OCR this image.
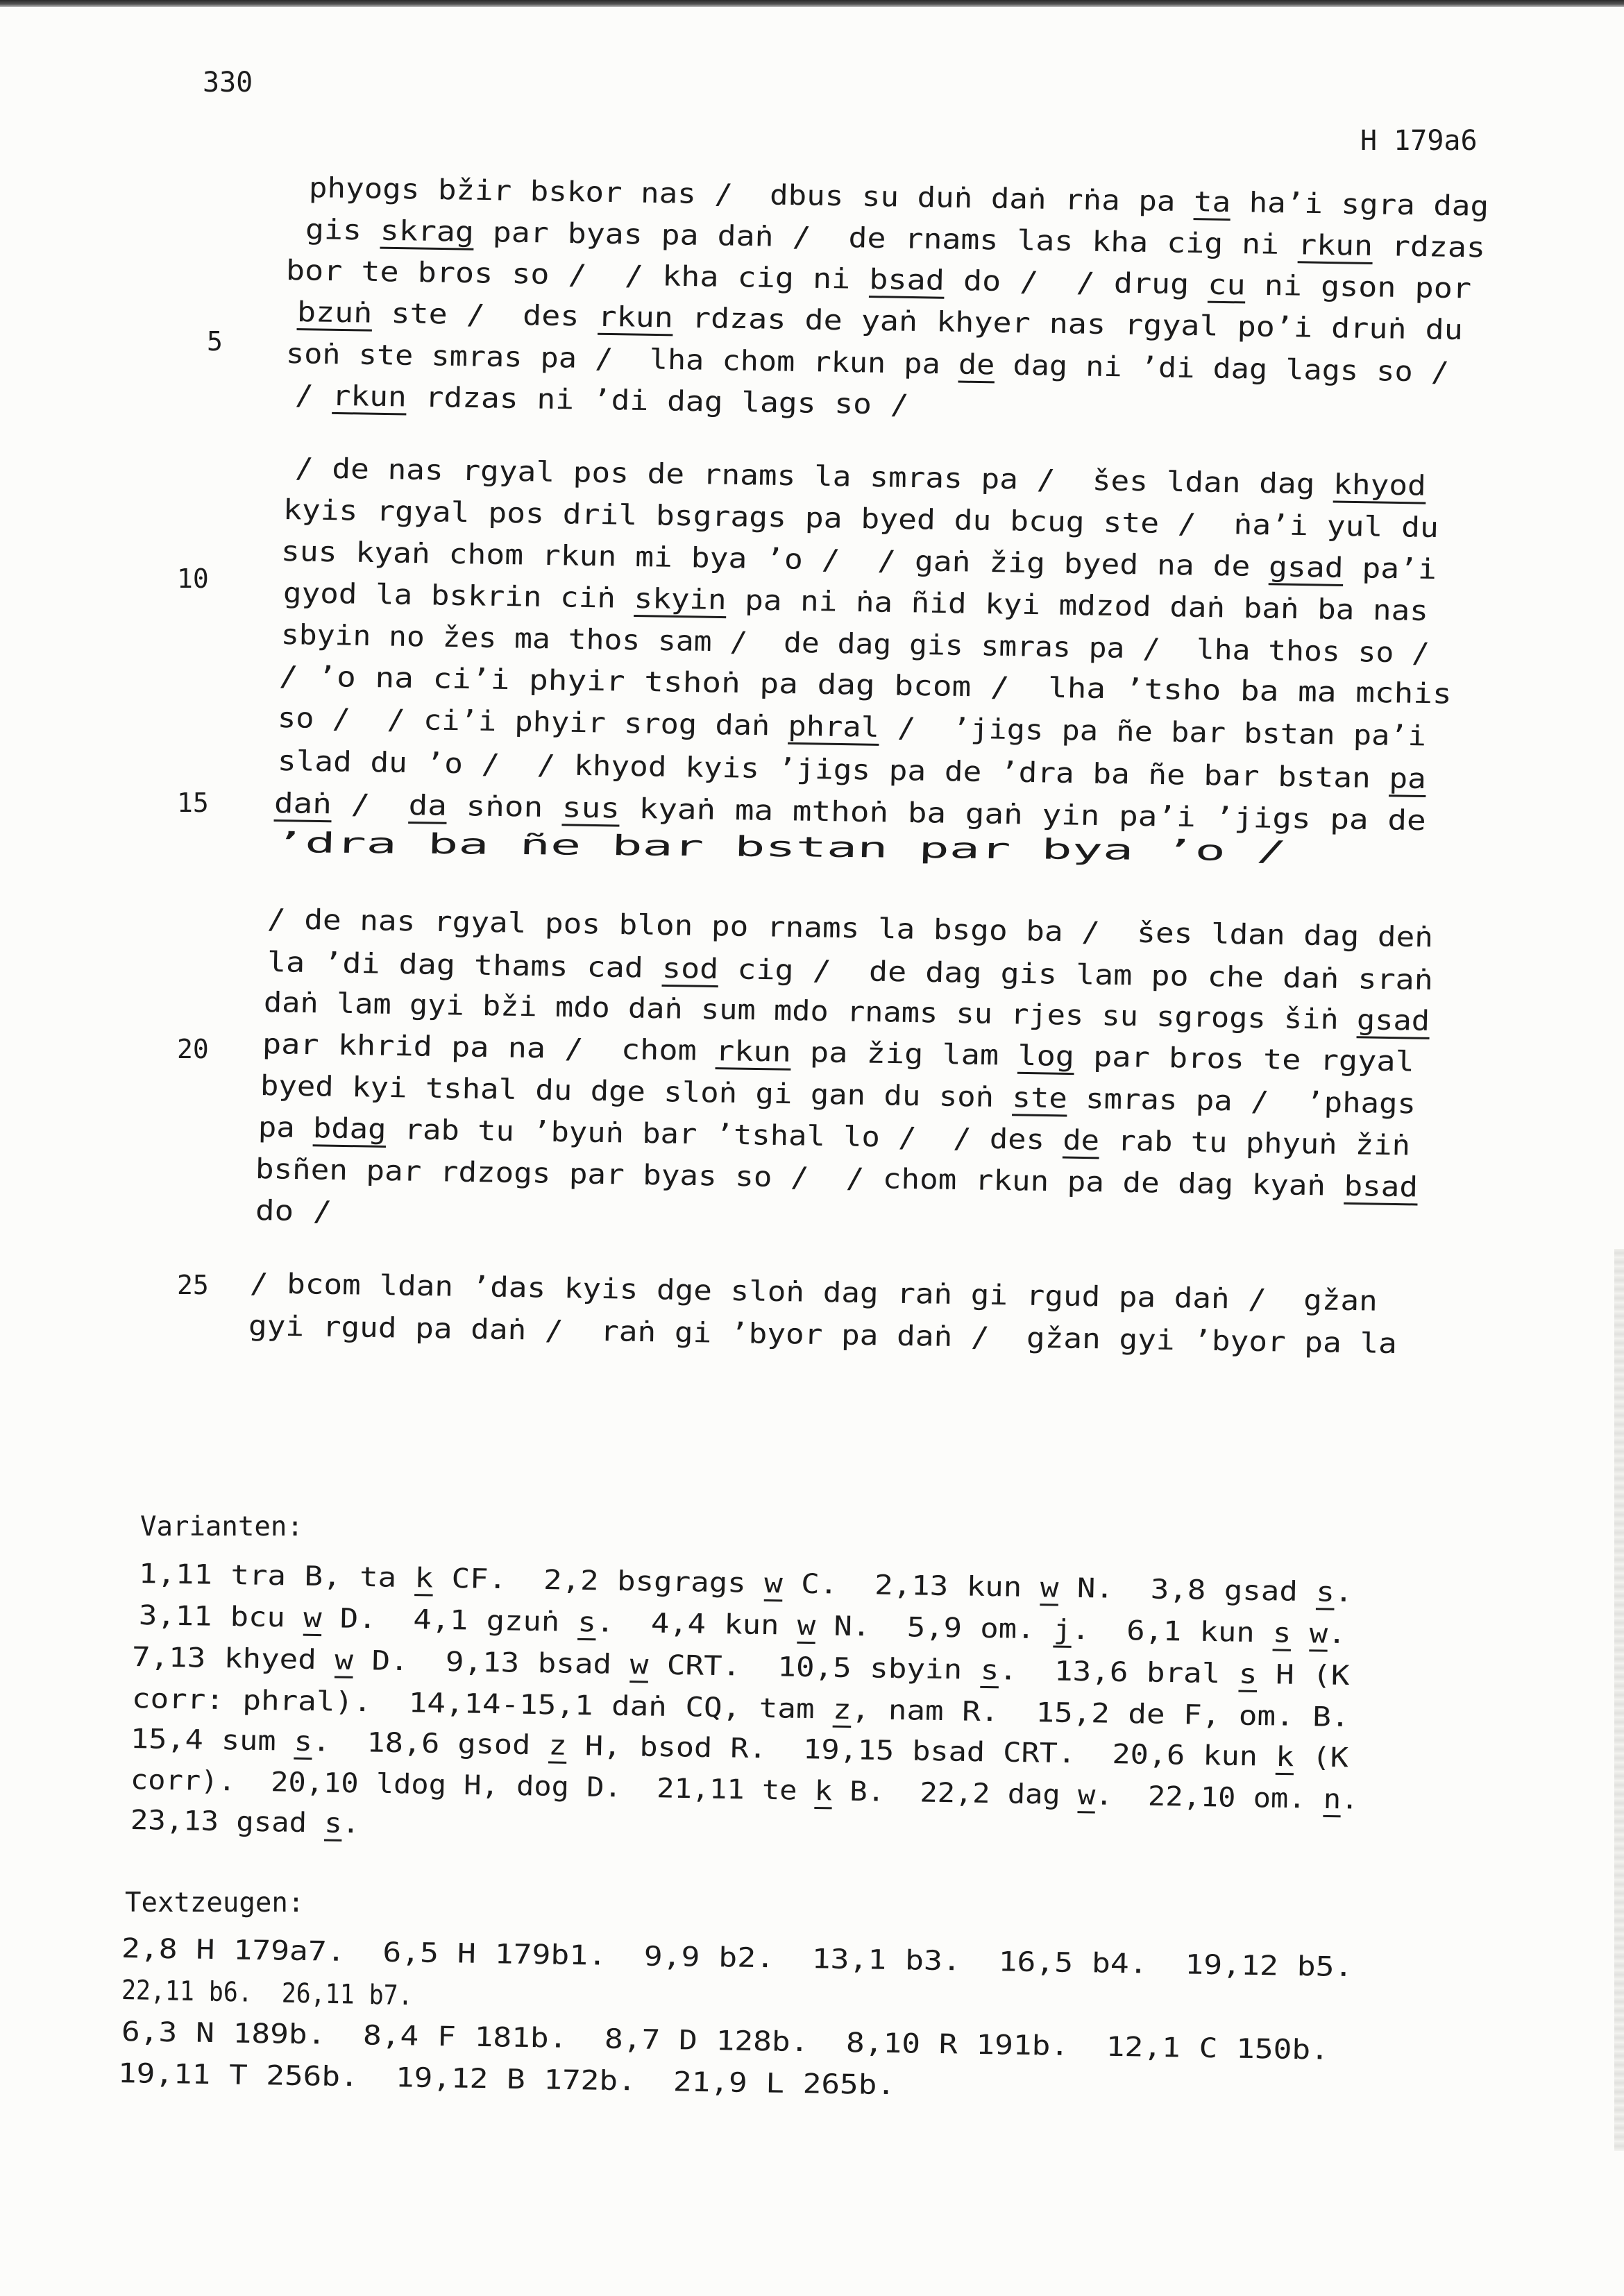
330
H 179a6
5
10
15
20
25
phyogs bžir bskor nas /  dbus su duṅ daṅ rṅa pa ta ha’i sgra dag
gis skrag par byas pa daṅ /  de rnams las kha cig ni rkun rdzas
bor te bros so /  / kha cig ni bsad do /  / drug cu ni gson por
bzuṅ ste /  des rkun rdzas de yaṅ khyer nas rgyal po’i druṅ du
soṅ ste smras pa /  lha chom rkun pa de dag ni ’di dag lags so /
/ rkun rdzas ni ’di dag lags so /
/ de nas rgyal pos de rnams la smras pa /  šes ldan dag khyod
kyis rgyal pos dril bsgrags pa byed du bcug ste /  ṅa’i yul du
sus kyaṅ chom rkun mi bya ’o /  / gaṅ žig byed na de gsad pa’i
gyod la bskrin ciṅ skyin pa ni ṅa ñid kyi mdzod daṅ baṅ ba nas
sbyin no žes ma thos sam /  de dag gis smras pa /  lha thos so /
/ ’o na ci’i phyir tshoṅ pa dag bcom /  lha ’tsho ba ma mchis
so /  / ci’i phyir srog daṅ phral /  ’jigs pa ñe bar bstan pa’i
slad du ’o /  / khyod kyis ’jigs pa de ’dra ba ñe bar bstan pa
daṅ /  da sṅon sus kyaṅ ma mthoṅ ba gaṅ yin pa’i ’jigs pa de
’dra ba ñe bar bstan par bya ’o /
/ de nas rgyal pos blon po rnams la bsgo ba /  šes ldan dag deṅ
la ’di dag thams cad sod cig /  de dag gis lam po che daṅ sraṅ
daṅ lam gyi bži mdo daṅ sum mdo rnams su rjes su sgrogs šiṅ gsad
par khrid pa na /  chom rkun pa žig lam log par bros te rgyal
byed kyi tshal du dge sloṅ gi gan du soṅ ste smras pa /  ’phags
pa bdag rab tu ’byuṅ bar ’tshal lo /  / des de rab tu phyuṅ žiṅ
bsñen par rdzogs par byas so /  / chom rkun pa de dag kyaṅ bsad
do /
/ bcom ldan ’das kyis dge sloṅ dag raṅ gi rgud pa daṅ /  gžan
gyi rgud pa daṅ /  raṅ gi ’byor pa daṅ /  gžan gyi ’byor pa la
Varianten:
1,11 tra B, ta k CF.  2,2 bsgrags w C.  2,13 kun w N.  3,8 gsad s.
3,11 bcu w D.  4,1 gzuṅ s.  4,4 kun w N.  5,9 om. j.  6,1 kun s w.
7,13 khyed w D.  9,13 bsad w CRT.  10,5 sbyin s.  13,6 bral s H (K
corr: phral).  14,14-15,1 daṅ CQ, tam z, nam R.  15,2 de F, om. B.
15,4 sum s.  18,6 gsod z H, bsod R.  19,15 bsad CRT.  20,6 kun k (K
corr).  20,10 ldog H, dog D.  21,11 te k B.  22,2 dag w.  22,10 om. n.
23,13 gsad s.
Textzeugen:
2,8 H 179a7.  6,5 H 179b1.  9,9 b2.  13,1 b3.  16,5 b4.  19,12 b5.
22,11 b6.  26,11 b7.
6,3 N 189b.  8,4 F 181b.  8,7 D 128b.  8,10 R 191b.  12,1 C 150b.
19,11 T 256b.  19,12 B 172b.  21,9 L 265b.
